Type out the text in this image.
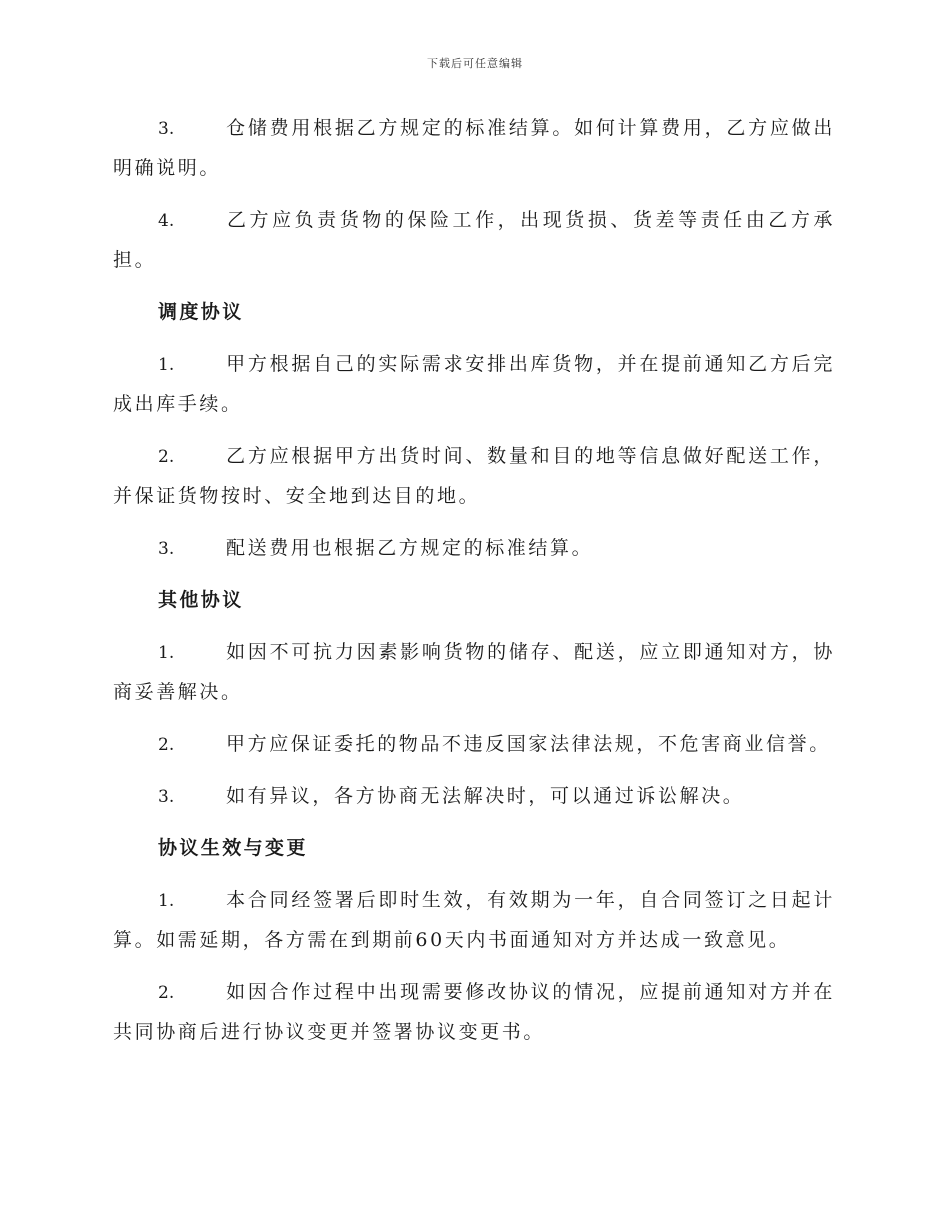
下载后可任意编辑
3.	仓储费用根据乙方规定的标准结算。如何计算费用，乙方应做出
明确说明。
4.	乙方应负责货物的保险工作，出现货损、货差等责任由乙方承
担。
调度协议
1.	甲方根据自己的实际需求安排出库货物，并在提前通知乙方后完
成出库手续。
2.	乙方应根据甲方出货时间、数量和目的地等信息做好配送工作，
并保证货物按时、安全地到达目的地。
3.	配送费用也根据乙方规定的标准结算。
其他协议
1.	如因不可抗力因素影响货物的储存、配送，应立即通知对方，协
商妥善解决。
2.	甲方应保证委托的物品不违反国家法律法规，不危害商业信誉。
3.	如有异议，各方协商无法解决时，可以通过诉讼解决。
协议生效与变更
1.	本合同经签署后即时生效，有效期为一年，自合同签订之日起计
算。如需延期，各方需在到期前60天内书面通知对方并达成一致意见。
2.	如因合作过程中出现需要修改协议的情况，应提前通知对方并在
共同协商后进行协议变更并签署协议变更书。
